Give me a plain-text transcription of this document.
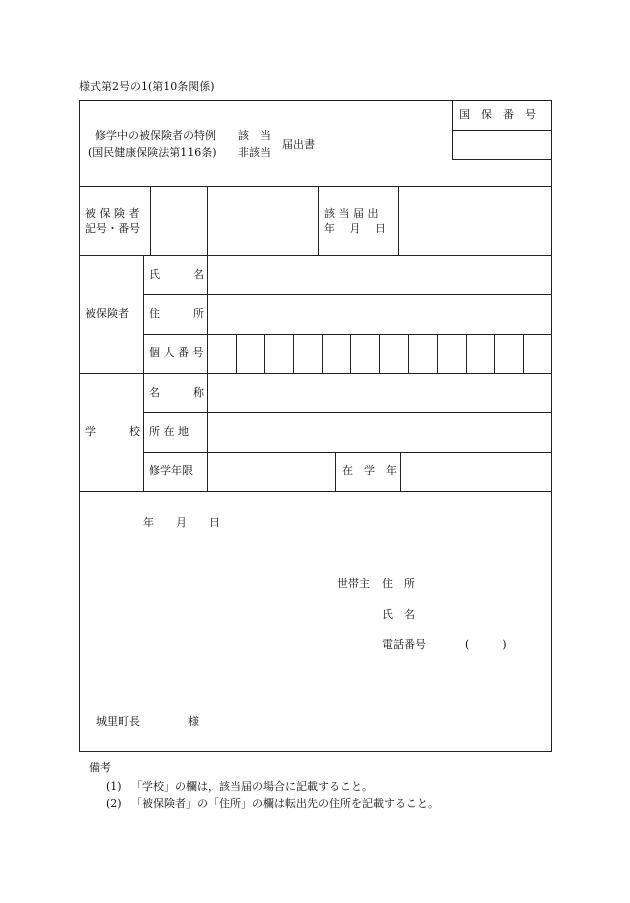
様式第2号の1(第10条関係)
修学中の被保険者の特例
(国民健康保険法第116条)
該　当
非該当
届出書
国　保　番　号
被 保 険 者
記号・番号
該 当 届 出
年　 月　 日
被保険者
氏　　　名
住　　　所
個 人 番 号
学　　　校
名　　　称
所 在 地
修学年限	在　学　年
年　　月　　日
世帯主 住　所
氏　名
電話番号	(　　　)
城里町長	様
備考
(1) 「学校」の欄は，該当届の場合に記載すること。
(2) 「被保険者」の「住所」の欄は転出先の住所を記載すること。
